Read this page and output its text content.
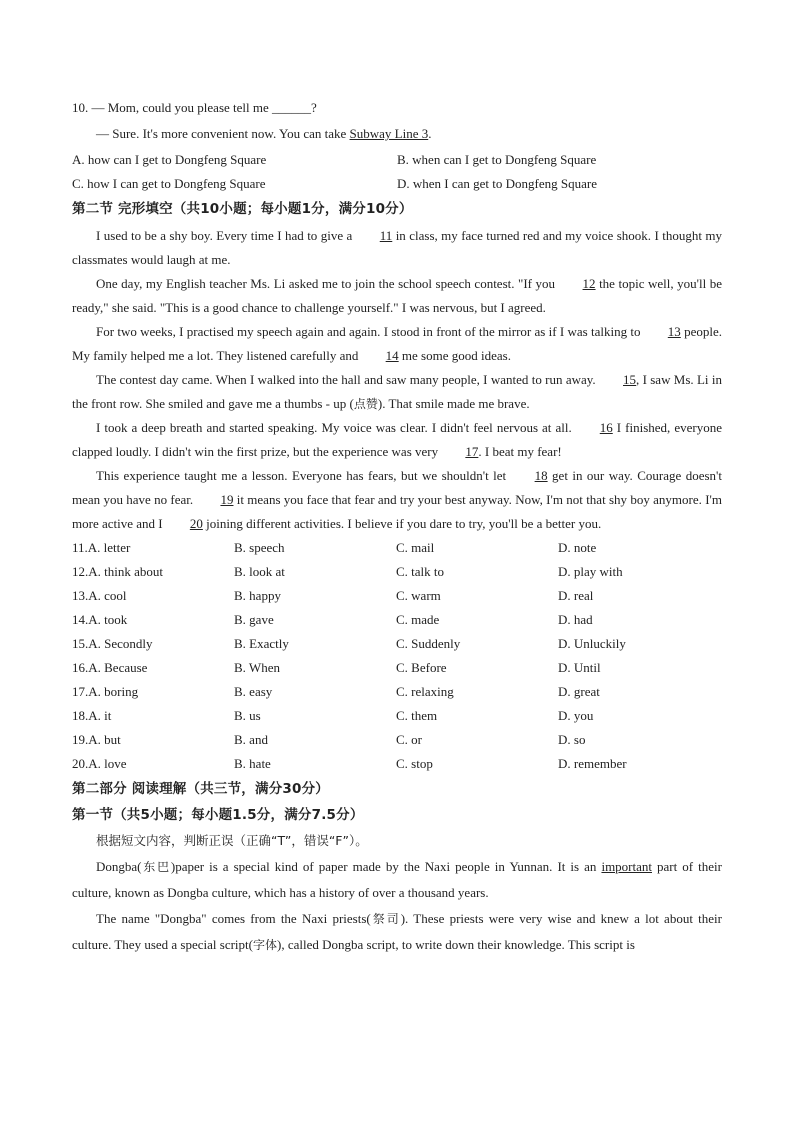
10. — Mom, could you please tell me ______?
— Sure. It's more convenient now. You can take Subway Line 3.
A. how can I get to Dongfeng Square	B. when can I get to Dongfeng Square
C. how I can get to Dongfeng Square	D. when I can get to Dongfeng Square
第二节 完形填空（共10小题；每小题1分，满分10分）

I used to be a shy boy. Every time I had to give a 11 in class, my face turned red and my voice shook. I thought my classmates would laugh at me.

One day, my English teacher Ms. Li asked me to join the school speech contest. "If you 12 the topic well, you'll be ready," she said. "This is a good chance to challenge yourself." I was nervous, but I agreed.

For two weeks, I practised my speech again and again. I stood in front of the mirror as if I was talking to 13 people. My family helped me a lot. They listened carefully and 14 me some good ideas.

The contest day came. When I walked into the hall and saw many people, I wanted to run away. 15, I saw Ms. Li in the front row. She smiled and gave me a thumbs - up (点赞). That smile made me brave.

I took a deep breath and started speaking. My voice was clear. I didn't feel nervous at all. 16 I finished, everyone clapped loudly. I didn't win the first prize, but the experience was very 17. I beat my fear!

This experience taught me a lesson. Everyone has fears, but we shouldn't let 18 get in our way. Courage doesn't mean you have no fear. 19 it means you face that fear and try your best anyway. Now, I'm not that shy boy anymore. I'm more active and I 20 joining different activities. I believe if you dare to try, you'll be a better you.

11.A. letter	B. speech	C. mail	D. note
12.A. think about	B. look at	C. talk to	D. play with
13.A. cool	B. happy	C. warm	D. real
14.A. took	B. gave	C. made	D. had
15.A. Secondly	B. Exactly	C. Suddenly	D. Unluckily
16.A. Because	B. When	C. Before	D. Until
17.A. boring	B. easy	C. relaxing	D. great
18.A. it	B. us	C. them	D. you
19.A. but	B. and	C. or	D. so
20.A. love	B. hate	C. stop	D. remember
第二部分 阅读理解（共三节，满分30分）
第一节（共5小题；每小题1.5分，满分7.5分）
根据短文内容，判断正误（正确“T”，错误“F”）。

Dongba(东巴)paper is a special kind of paper made by the Naxi people in Yunnan. It is an important part of their culture, known as Dongba culture, which has a history of over a thousand years.

The name "Dongba" comes from the Naxi priests(祭司). These priests were very wise and knew a lot about their culture. They used a special script(字体), called Dongba script, to write down their knowledge. This script is
